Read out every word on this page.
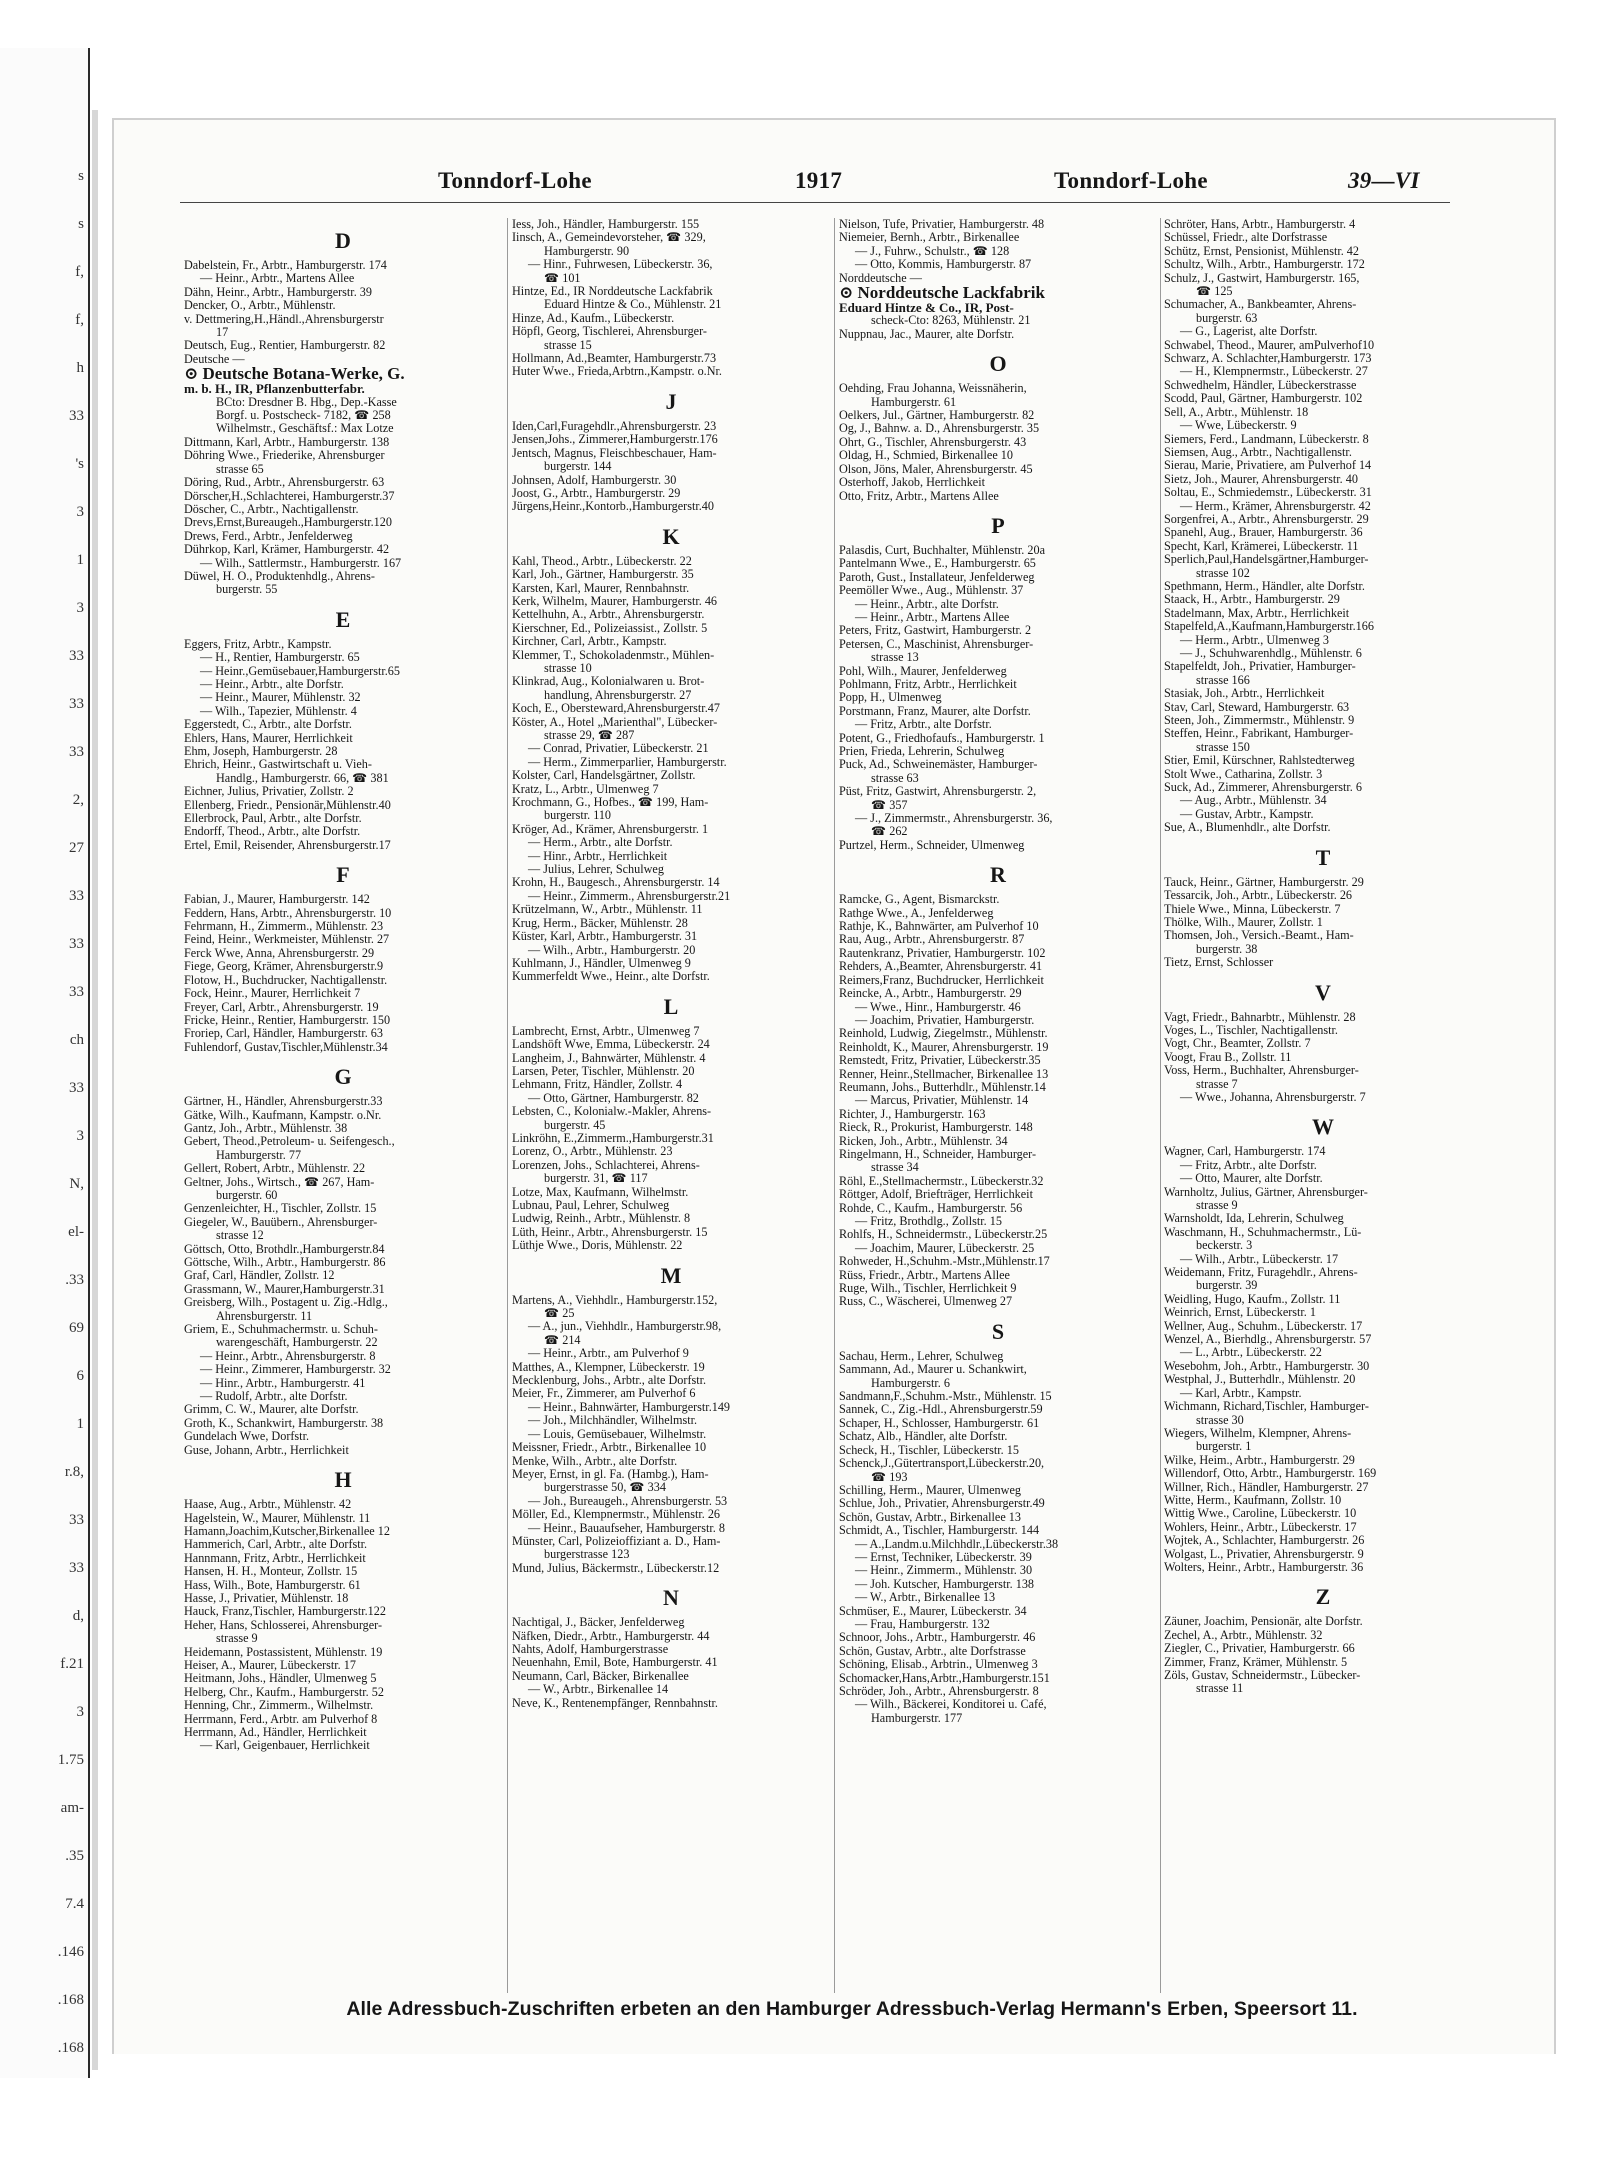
s
s
f,
f,
h
33
's
3
1
3
33
33
33
2,
27
33
33
33
ch
33
3
N,
el-
.33
69
6
1
r.8,
33
33
d,
f.21
3
1.75
am-
.35
7.4
.146
.168
.168
Tonndorf-Lohe	1917	Tonndorf-Lohe	39—VI
D
Dabelstein, Fr., Arbtr., Hamburgerstr. 174
— Heinr., Arbtr., Martens Allee
Dähn, Heinr., Arbtr., Hamburgerstr. 39
Dencker, O., Arbtr., Mühlenstr.
v. Dettmering,H.,Händl.,Ahrensburgerstr
17
Deutsch, Eug., Rentier, Hamburgerstr. 82
Deutsche —
⊙ Deutsche Botana-Werke, G.
m. b. H., IR, Pflanzenbutterfabr.
BCto: Dresdner B. Hbg., Dep.-Kasse
Borgf. u. Postscheck- 7182, ☎ 258
Wilhelmstr., Geschäftsf.: Max Lotze
Dittmann, Karl, Arbtr., Hamburgerstr. 138
Döhring Wwe., Friederike, Ahrensburger
strasse 65
Döring, Rud., Arbtr., Ahrensburgerstr. 63
Dörscher,H.,Schlachterei, Hamburgerstr.37
Döscher, C., Arbtr., Nachtigallenstr.
Drevs,Ernst,Bureaugeh.,Hamburgerstr.120
Drews, Ferd., Arbtr., Jenfelderweg
Dührkop, Karl, Krämer, Hamburgerstr. 42
— Wilh., Sattlermstr., Hamburgerstr. 167
Düwel, H. O., Produktenhdlg., Ahrens-
burgerstr. 55
E
Eggers, Fritz, Arbtr., Kampstr.
— H., Rentier, Hamburgerstr. 65
— Heinr.,Gemüsebauer,Hamburgerstr.65
— Heinr., Arbtr., alte Dorfstr.
— Heinr., Maurer, Mühlenstr. 32
— Wilh., Tapezier, Mühlenstr. 4
Eggerstedt, C., Arbtr., alte Dorfstr.
Ehlers, Hans, Maurer, Herrlichkeit
Ehm, Joseph, Hamburgerstr. 28
Ehrich, Heinr., Gastwirtschaft u. Vieh-
Handlg., Hamburgerstr. 66, ☎ 381
Eichner, Julius, Privatier, Zollstr. 2
Ellenberg, Friedr., Pensionär,Mühlenstr.40
Ellerbrock, Paul, Arbtr., alte Dorfstr.
Endorff, Theod., Arbtr., alte Dorfstr.
Ertel, Emil, Reisender, Ahrensburgerstr.17
F
Fabian, J., Maurer, Hamburgerstr. 142
Feddern, Hans, Arbtr., Ahrensburgerstr. 10
Fehrmann, H., Zimmerm., Mühlenstr. 23
Feind, Heinr., Werkmeister, Mühlenstr. 27
Ferck Wwe, Anna, Ahrensburgerstr. 29
Fiege, Georg, Krämer, Ahrensburgerstr.9
Flotow, H., Buchdrucker, Nachtigallenstr.
Fock, Heinr., Maurer, Herrlichkeit 7
Freyer, Carl, Arbtr., Ahrensburgerstr. 19
Fricke, Heinr., Rentier, Hamburgerstr. 150
Froriep, Carl, Händler, Hamburgerstr. 63
Fuhlendorf, Gustav,Tischler,Mühlenstr.34
G
Gärtner, H., Händler, Ahrensburgerstr.33
Gätke, Wilh., Kaufmann, Kampstr. o.Nr.
Gantz, Joh., Arbtr., Mühlenstr. 38
Gebert, Theod.,Petroleum- u. Seifengesch.,
Hamburgerstr. 77
Gellert, Robert, Arbtr., Mühlenstr. 22
Geltner, Johs., Wirtsch., ☎ 267, Ham-
burgerstr. 60
Genzenleichter, H., Tischler, Zollstr. 15
Giegeler, W., Bauübern., Ahrensburger-
strasse 12
Göttsch, Otto, Brothdlr.,Hamburgerstr.84
Göttsche, Wilh., Arbtr., Hamburgerstr. 86
Graf, Carl, Händler, Zollstr. 12
Grassmann, W., Maurer,Hamburgerstr.31
Greisberg, Wilh., Postagent u. Zig.-Hdlg.,
Ahrensburgerstr. 11
Griem, E., Schuhmachermstr. u. Schuh-
warengeschäft, Hamburgerstr. 22
— Heinr., Arbtr., Ahrensburgerstr. 8
— Heinr., Zimmerer, Hamburgerstr. 32
— Hinr., Arbtr., Hamburgerstr. 41
— Rudolf, Arbtr., alte Dorfstr.
Grimm, C. W., Maurer, alte Dorfstr.
Groth, K., Schankwirt, Hamburgerstr. 38
Gundelach Wwe, Dorfstr.
Guse, Johann, Arbtr., Herrlichkeit
H
Haase, Aug., Arbtr., Mühlenstr. 42
Hagelstein, W., Maurer, Mühlenstr. 11
Hamann,Joachim,Kutscher,Birkenallee 12
Hammerich, Carl, Arbtr., alte Dorfstr.
Hannmann, Fritz, Arbtr., Herrlichkeit
Hansen, H. H., Monteur, Zollstr. 15
Hass, Wilh., Bote, Hamburgerstr. 61
Hasse, J., Privatier, Mühlenstr. 18
Hauck, Franz,Tischler, Hamburgerstr.122
Heher, Hans, Schlosserei, Ahrensburger-
strasse 9
Heidemann, Postassistent, Mühlenstr. 19
Heiser, A., Maurer, Lübeckerstr. 17
Heitmann, Johs., Händler, Ulmenweg 5
Helberg, Chr., Kaufm., Hamburgerstr. 52
Henning, Chr., Zimmerm., Wilhelmstr.
Herrmann, Ferd., Arbtr. am Pulverhof 8
Herrmann, Ad., Händler, Herrlichkeit
— Karl, Geigenbauer, Herrlichkeit
Iess, Joh., Händler, Hamburgerstr. 155
Iinsch, A., Gemeindevorsteher, ☎ 329,
Hamburgerstr. 90
— Hinr., Fuhrwesen, Lübeckerstr. 36,
☎ 101
Hintze, Ed., IR Norddeutsche Lackfabrik
Eduard Hintze & Co., Mühlenstr. 21
Hinze, Ad., Kaufm., Lübeckerstr.
Höpfl, Georg, Tischlerei, Ahrensburger-
strasse 15
Hollmann, Ad.,Beamter, Hamburgerstr.73
Huter Wwe., Frieda,Arbtrn.,Kampstr. o.Nr.
J
Iden,Carl,Furagehdlr.,Ahrensburgerstr. 23
Jensen,Johs., Zimmerer,Hamburgerstr.176
Jentsch, Magnus, Fleischbeschauer, Ham-
burgerstr. 144
Johnsen, Adolf, Hamburgerstr. 30
Joost, G., Arbtr., Hamburgerstr. 29
Jürgens,Heinr.,Kontorb.,Hamburgerstr.40
K
Kahl, Theod., Arbtr., Lübeckerstr. 22
Karl, Joh., Gärtner, Hamburgerstr. 35
Karsten, Karl, Maurer, Rennbahnstr.
Kerk, Wilhelm, Maurer, Hamburgerstr. 46
Kettelhuhn, A., Arbtr., Ahrensburgerstr.
Kierschner, Ed., Polizeiassist., Zollstr. 5
Kirchner, Carl, Arbtr., Kampstr.
Klemmer, T., Schokoladenmstr., Mühlen-
strasse 10
Klinkrad, Aug., Kolonialwaren u. Brot-
handlung, Ahrensburgerstr. 27
Koch, E., Obersteward,Ahrensburgerstr.47
Köster, A., Hotel „Marienthal", Lübecker-
strasse 29, ☎ 287
— Conrad, Privatier, Lübeckerstr. 21
— Herm., Zimmerparlier, Hamburgerstr.
Kolster, Carl, Handelsgärtner, Zollstr.
Kratz, L., Arbtr., Ulmenweg 7
Krochmann, G., Hofbes., ☎ 199, Ham-
burgerstr. 110
Kröger, Ad., Krämer, Ahrensburgerstr. 1
— Herm., Arbtr., alte Dorfstr.
— Hinr., Arbtr., Herrlichkeit
— Julius, Lehrer, Schulweg
Krohn, H., Baugesch., Ahrensburgerstr. 14
— Heinr., Zimmerm., Ahrensburgerstr.21
Krützelmann, W., Arbtr., Mühlenstr. 11
Krug, Herm., Bäcker, Mühlenstr. 28
Küster, Karl, Arbtr., Hamburgerstr. 31
— Wilh., Arbtr., Hamburgerstr. 20
Kuhlmann, J., Händler, Ulmenweg 9
Kummerfeldt Wwe., Heinr., alte Dorfstr.
L
Lambrecht, Ernst, Arbtr., Ulmenweg 7
Landshöft Wwe, Emma, Lübeckerstr. 24
Langheim, J., Bahnwärter, Mühlenstr. 4
Larsen, Peter, Tischler, Mühlenstr. 20
Lehmann, Fritz, Händler, Zollstr. 4
— Otto, Gärtner, Hamburgerstr. 82
Lebsten, C., Kolonialw.-Makler, Ahrens-
burgerstr. 45
Linkröhn, E.,Zimmerm.,Hamburgerstr.31
Lorenz, O., Arbtr., Mühlenstr. 23
Lorenzen, Johs., Schlachterei, Ahrens-
burgerstr. 31, ☎ 117
Lotze, Max, Kaufmann, Wilhelmstr.
Lubnau, Paul, Lehrer, Schulweg
Ludwig, Reinh., Arbtr., Mühlenstr. 8
Lüth, Heinr., Arbtr., Ahrensburgerstr. 15
Lüthje Wwe., Doris, Mühlenstr. 22
M
Martens, A., Viehhdlr., Hamburgerstr.152,
☎ 25
— A., jun., Viehhdlr., Hamburgerstr.98,
☎ 214
— Heinr., Arbtr., am Pulverhof 9
Matthes, A., Klempner, Lübeckerstr. 19
Mecklenburg, Johs., Arbtr., alte Dorfstr.
Meier, Fr., Zimmerer, am Pulverhof 6
— Heinr., Bahnwärter, Hamburgerstr.149
— Joh., Milchhändler, Wilhelmstr.
— Louis, Gemüsebauer, Wilhelmstr.
Meissner, Friedr., Arbtr., Birkenallee 10
Menke, Wilh., Arbtr., alte Dorfstr.
Meyer, Ernst, in gl. Fa. (Hambg.), Ham-
burgerstrasse 50, ☎ 334
— Joh., Bureaugeh., Ahrensburgerstr. 53
Möller, Ed., Klempnermstr., Mühlenstr. 26
— Heinr., Bauaufseher, Hamburgerstr. 8
Münster, Carl, Polizeioffiziant a. D., Ham-
burgerstrasse 123
Mund, Julius, Bäckermstr., Lübeckerstr.12
N
Nachtigal, J., Bäcker, Jenfelderweg
Näfken, Diedr., Arbtr., Hamburgerstr. 44
Nahts, Adolf, Hamburgerstrasse
Neuenhahn, Emil, Bote, Hamburgerstr. 41
Neumann, Carl, Bäcker, Birkenallee
— W., Arbtr., Birkenallee 14
Neve, K., Rentenempfänger, Rennbahnstr.
Nielson, Tufe, Privatier, Hamburgerstr. 48
Niemeier, Bernh., Arbtr., Birkenallee
— J., Fuhrw., Schulstr., ☎ 128
— Otto, Kommis, Hamburgerstr. 87
Norddeutsche —
⊙ Norddeutsche Lackfabrik
Eduard Hintze & Co., IR, Post-
scheck-Cto: 8263, Mühlenstr. 21
Nuppnau, Jac., Maurer, alte Dorfstr.
O
Oehding, Frau Johanna, Weissnäherin,
Hamburgerstr. 61
Oelkers, Jul., Gärtner, Hamburgerstr. 82
Og, J., Bahnw. a. D., Ahrensburgerstr. 35
Ohrt, G., Tischler, Ahrensburgerstr. 43
Oldag, H., Schmied, Birkenallee 10
Olson, Jöns, Maler, Ahrensburgerstr. 45
Osterhoff, Jakob, Herrlichkeit
Otto, Fritz, Arbtr., Martens Allee
P
Palasdis, Curt, Buchhalter, Mühlenstr. 20a
Pantelmann Wwe., E., Hamburgerstr. 65
Paroth, Gust., Installateur, Jenfelderweg
Peemöller Wwe., Aug., Mühlenstr. 37
— Heinr., Arbtr., alte Dorfstr.
— Heinr., Arbtr., Martens Allee
Peters, Fritz, Gastwirt, Hamburgerstr. 2
Petersen, C., Maschinist, Ahrensburger-
strasse 13
Pohl, Wilh., Maurer, Jenfelderweg
Pohlmann, Fritz, Arbtr., Herrlichkeit
Popp, H., Ulmenweg
Porstmann, Franz, Maurer, alte Dorfstr.
— Fritz, Arbtr., alte Dorfstr.
Potent, G., Friedhofaufs., Hamburgerstr. 1
Prien, Frieda, Lehrerin, Schulweg
Puck, Ad., Schweinemäster, Hamburger-
strasse 63
Püst, Fritz, Gastwirt, Ahrensburgerstr. 2,
☎ 357
— J., Zimmermstr., Ahrensburgerstr. 36,
☎ 262
Purtzel, Herm., Schneider, Ulmenweg
R
Ramcke, G., Agent, Bismarckstr.
Rathge Wwe., A., Jenfelderweg
Rathje, K., Bahnwärter, am Pulverhof 10
Rau, Aug., Arbtr., Ahrensburgerstr. 87
Rautenkranz, Privatier, Hamburgerstr. 102
Rehders, A.,Beamter, Ahrensburgerstr. 41
Reimers,Franz, Buchdrucker, Herrlichkeit
Reincke, A., Arbtr., Hamburgerstr. 29
— Wwe., Hinr., Hamburgerstr. 46
— Joachim, Privatier, Hamburgerstr.
Reinhold, Ludwig, Ziegelmstr., Mühlenstr.
Reinholdt, K., Maurer, Ahrensburgerstr. 19
Remstedt, Fritz, Privatier, Lübeckerstr.35
Renner, Heinr.,Stellmacher, Birkenallee 13
Reumann, Johs., Butterhdlr., Mühlenstr.14
— Marcus, Privatier, Mühlenstr. 14
Richter, J., Hamburgerstr. 163
Rieck, R., Prokurist, Hamburgerstr. 148
Ricken, Joh., Arbtr., Mühlenstr. 34
Ringelmann, H., Schneider, Hamburger-
strasse 34
Röhl, E.,Stellmachermstr., Lübeckerstr.32
Röttger, Adolf, Briefträger, Herrlichkeit
Rohde, C., Kaufm., Hamburgerstr. 56
— Fritz, Brothdlg., Zollstr. 15
Rohlfs, H., Schneidermstr., Lübeckerstr.25
— Joachim, Maurer, Lübeckerstr. 25
Rohweder, H.,Schuhm.-Mstr.,Mühlenstr.17
Rüss, Friedr., Arbtr., Martens Allee
Ruge, Wilh., Tischler, Herrlichkeit 9
Russ, C., Wäscherei, Ulmenweg 27
S
Sachau, Herm., Lehrer, Schulweg
Sammann, Ad., Maurer u. Schankwirt,
Hamburgerstr. 6
Sandmann,F.,Schuhm.-Mstr., Mühlenstr. 15
Sannek, C., Zig.-Hdl., Ahrensburgerstr.59
Schaper, H., Schlosser, Hamburgerstr. 61
Schatz, Alb., Händler, alte Dorfstr.
Scheck, H., Tischler, Lübeckerstr. 15
Schenck,J.,Gütertransport,Lübeckerstr.20,
☎ 193
Schilling, Herm., Maurer, Ulmenweg
Schlue, Joh., Privatier, Ahrensburgerstr.49
Schön, Gustav, Arbtr., Birkenallee 13
Schmidt, A., Tischler, Hamburgerstr. 144
— A.,Landm.u.Milchhdlr.,Lübeckerstr.38
— Ernst, Techniker, Lübeckerstr. 39
— Heinr., Zimmerm., Mühlenstr. 30
— Joh. Kutscher, Hamburgerstr. 138
— W., Arbtr., Birkenallee 13
Schmüser, E., Maurer, Lübeckerstr. 34
— Frau, Hamburgerstr. 132
Schnoor, Johs., Arbtr., Hamburgerstr. 46
Schön, Gustav, Arbtr., alte Dorfstrasse
Schöning, Elisab., Arbtrin., Ulmenweg 3
Schomacker,Hans,Arbtr.,Hamburgerstr.151
Schröder, Joh., Arbtr., Ahrensburgerstr. 8
— Wilh., Bäckerei, Konditorei u. Café,
Hamburgerstr. 177
Schröter, Hans, Arbtr., Hamburgerstr. 4
Schüssel, Friedr., alte Dorfstrasse
Schütz, Ernst, Pensionist, Mühlenstr. 42
Schultz, Wilh., Arbtr., Hamburgerstr. 172
Schulz, J., Gastwirt, Hamburgerstr. 165,
☎ 125
Schumacher, A., Bankbeamter, Ahrens-
burgerstr. 63
— G., Lagerist, alte Dorfstr.
Schwabel, Theod., Maurer, amPulverhof10
Schwarz, A. Schlachter,Hamburgerstr. 173
— H., Klempnermstr., Lübeckerstr. 27
Schwedhelm, Händler, Lübeckerstrasse
Scodd, Paul, Gärtner, Hamburgerstr. 102
Sell, A., Arbtr., Mühlenstr. 18
— Wwe, Lübeckerstr. 9
Siemers, Ferd., Landmann, Lübeckerstr. 8
Siemsen, Aug., Arbtr., Nachtigallenstr.
Sierau, Marie, Privatiere, am Pulverhof 14
Sietz, Joh., Maurer, Ahrensburgerstr. 40
Soltau, E., Schmiedemstr., Lübeckerstr. 31
— Herm., Krämer, Ahrensburgerstr. 42
Sorgenfrei, A., Arbtr., Ahrensburgerstr. 29
Spanehl, Aug., Brauer, Hamburgerstr. 36
Specht, Karl, Krämerei, Lübeckerstr. 11
Sperlich,Paul,Handelsgärtner,Hamburger-
strasse 102
Spethmann, Herm., Händler, alte Dorfstr.
Staack, H., Arbtr., Hamburgerstr. 29
Stadelmann, Max, Arbtr., Herrlichkeit
Stapelfeld,A.,Kaufmann,Hamburgerstr.166
— Herm., Arbtr., Ulmenweg 3
— J., Schuhwarenhdlg., Mühlenstr. 6
Stapelfeldt, Joh., Privatier, Hamburger-
strasse 166
Stasiak, Joh., Arbtr., Herrlichkeit
Stav, Carl, Steward, Hamburgerstr. 63
Steen, Joh., Zimmermstr., Mühlenstr. 9
Steffen, Heinr., Fabrikant, Hamburger-
strasse 150
Stier, Emil, Kürschner, Rahlstedterweg
Stolt Wwe., Catharina, Zollstr. 3
Suck, Ad., Zimmerer, Ahrensburgerstr. 6
— Aug., Arbtr., Mühlenstr. 34
— Gustav, Arbtr., Kampstr.
Sue, A., Blumenhdlr., alte Dorfstr.
T
Tauck, Heinr., Gärtner, Hamburgerstr. 29
Tessarcik, Joh., Arbtr., Lübeckerstr. 26
Thiele Wwe., Minna, Lübeckerstr. 7
Thölke, Wilh., Maurer, Zollstr. 1
Thomsen, Joh., Versich.-Beamt., Ham-
burgerstr. 38
Tietz, Ernst, Schlosser
V
Vagt, Friedr., Bahnarbtr., Mühlenstr. 28
Voges, L., Tischler, Nachtigallenstr.
Vogt, Chr., Beamter, Zollstr. 7
Voogt, Frau B., Zollstr. 11
Voss, Herm., Buchhalter, Ahrensburger-
strasse 7
— Wwe., Johanna, Ahrensburgerstr. 7
W
Wagner, Carl, Hamburgerstr. 174
— Fritz, Arbtr., alte Dorfstr.
— Otto, Maurer, alte Dorfstr.
Warnholtz, Julius, Gärtner, Ahrensburger-
strasse 9
Warnsholdt, Ida, Lehrerin, Schulweg
Waschmann, H., Schuhmachermstr., Lü-
beckerstr. 3
— Wilh., Arbtr., Lübeckerstr. 17
Weidemann, Fritz, Furagehdlr., Ahrens-
burgerstr. 39
Weidling, Hugo, Kaufm., Zollstr. 11
Weinrich, Ernst, Lübeckerstr. 1
Wellner, Aug., Schuhm., Lübeckerstr. 17
Wenzel, A., Bierhdlg., Ahrensburgerstr. 57
— L., Arbtr., Lübeckerstr. 22
Wesebohm, Joh., Arbtr., Hamburgerstr. 30
Westphal, J., Butterhdlr., Mühlenstr. 20
— Karl, Arbtr., Kampstr.
Wichmann, Richard,Tischler, Hamburger-
strasse 30
Wiegers, Wilhelm, Klempner, Ahrens-
burgerstr. 1
Wilke, Heim., Arbtr., Hamburgerstr. 29
Willendorf, Otto, Arbtr., Hamburgerstr. 169
Willner, Rich., Händler, Hamburgerstr. 27
Witte, Herm., Kaufmann, Zollstr. 10
Wittig Wwe., Caroline, Lübeckerstr. 10
Wohlers, Heinr., Arbtr., Lübeckerstr. 17
Wojtek, A., Schlachter, Hamburgerstr. 26
Wolgast, L., Privatier, Ahrensburgerstr. 9
Wolters, Heinr., Arbtr., Hamburgerstr. 36
Z
Zäuner, Joachim, Pensionär, alte Dorfstr.
Zechel, A., Arbtr., Mühlenstr. 32
Ziegler, C., Privatier, Hamburgerstr. 66
Zimmer, Franz, Krämer, Mühlenstr. 5
Zöls, Gustav, Schneidermstr., Lübecker-
strasse 11
Alle Adressbuch-Zuschriften erbeten an den Hamburger Adressbuch-Verlag Hermann's Erben, Speersort 11.
